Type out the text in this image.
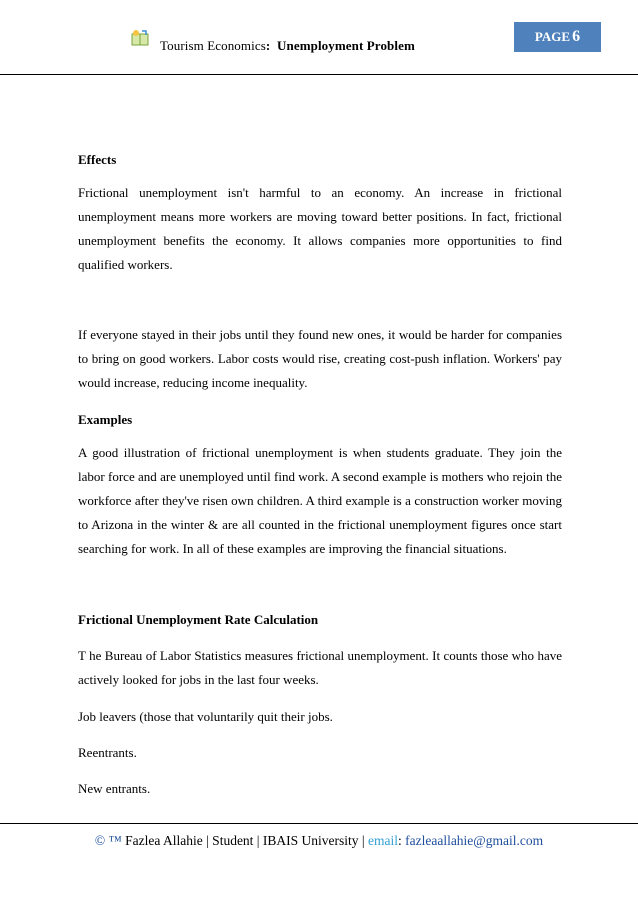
Tourism Economics: Unemployment Problem
PAGE 6
Effects

Frictional unemployment isn't harmful to an economy. An increase in frictional unemployment means more workers are moving toward better positions. In fact, frictional unemployment benefits the economy. It allows companies more opportunities to find qualified workers.

If everyone stayed in their jobs until they found new ones, it would be harder for companies to bring on good workers. Labor costs would rise, creating cost-push inflation. Workers' pay would increase, reducing income inequality.

Examples

A good illustration of frictional unemployment is when students graduate. They join the labor force and are unemployed until find work. A second example is mothers who rejoin the workforce after they've risen own children. A third example is a construction worker moving to Arizona in the winter & are all counted in the frictional unemployment figures once start searching for work. In all of these examples are improving the financial situations.

Frictional Unemployment Rate Calculation

T he Bureau of Labor Statistics measures frictional unemployment. It counts those who have actively looked for jobs in the last four weeks.

Job leavers (those that voluntarily quit their jobs.

Reentrants.

New entrants.

© ™ Fazlea Allahie | Student | IBAIS University | email: fazleaallahie@gmail.com
